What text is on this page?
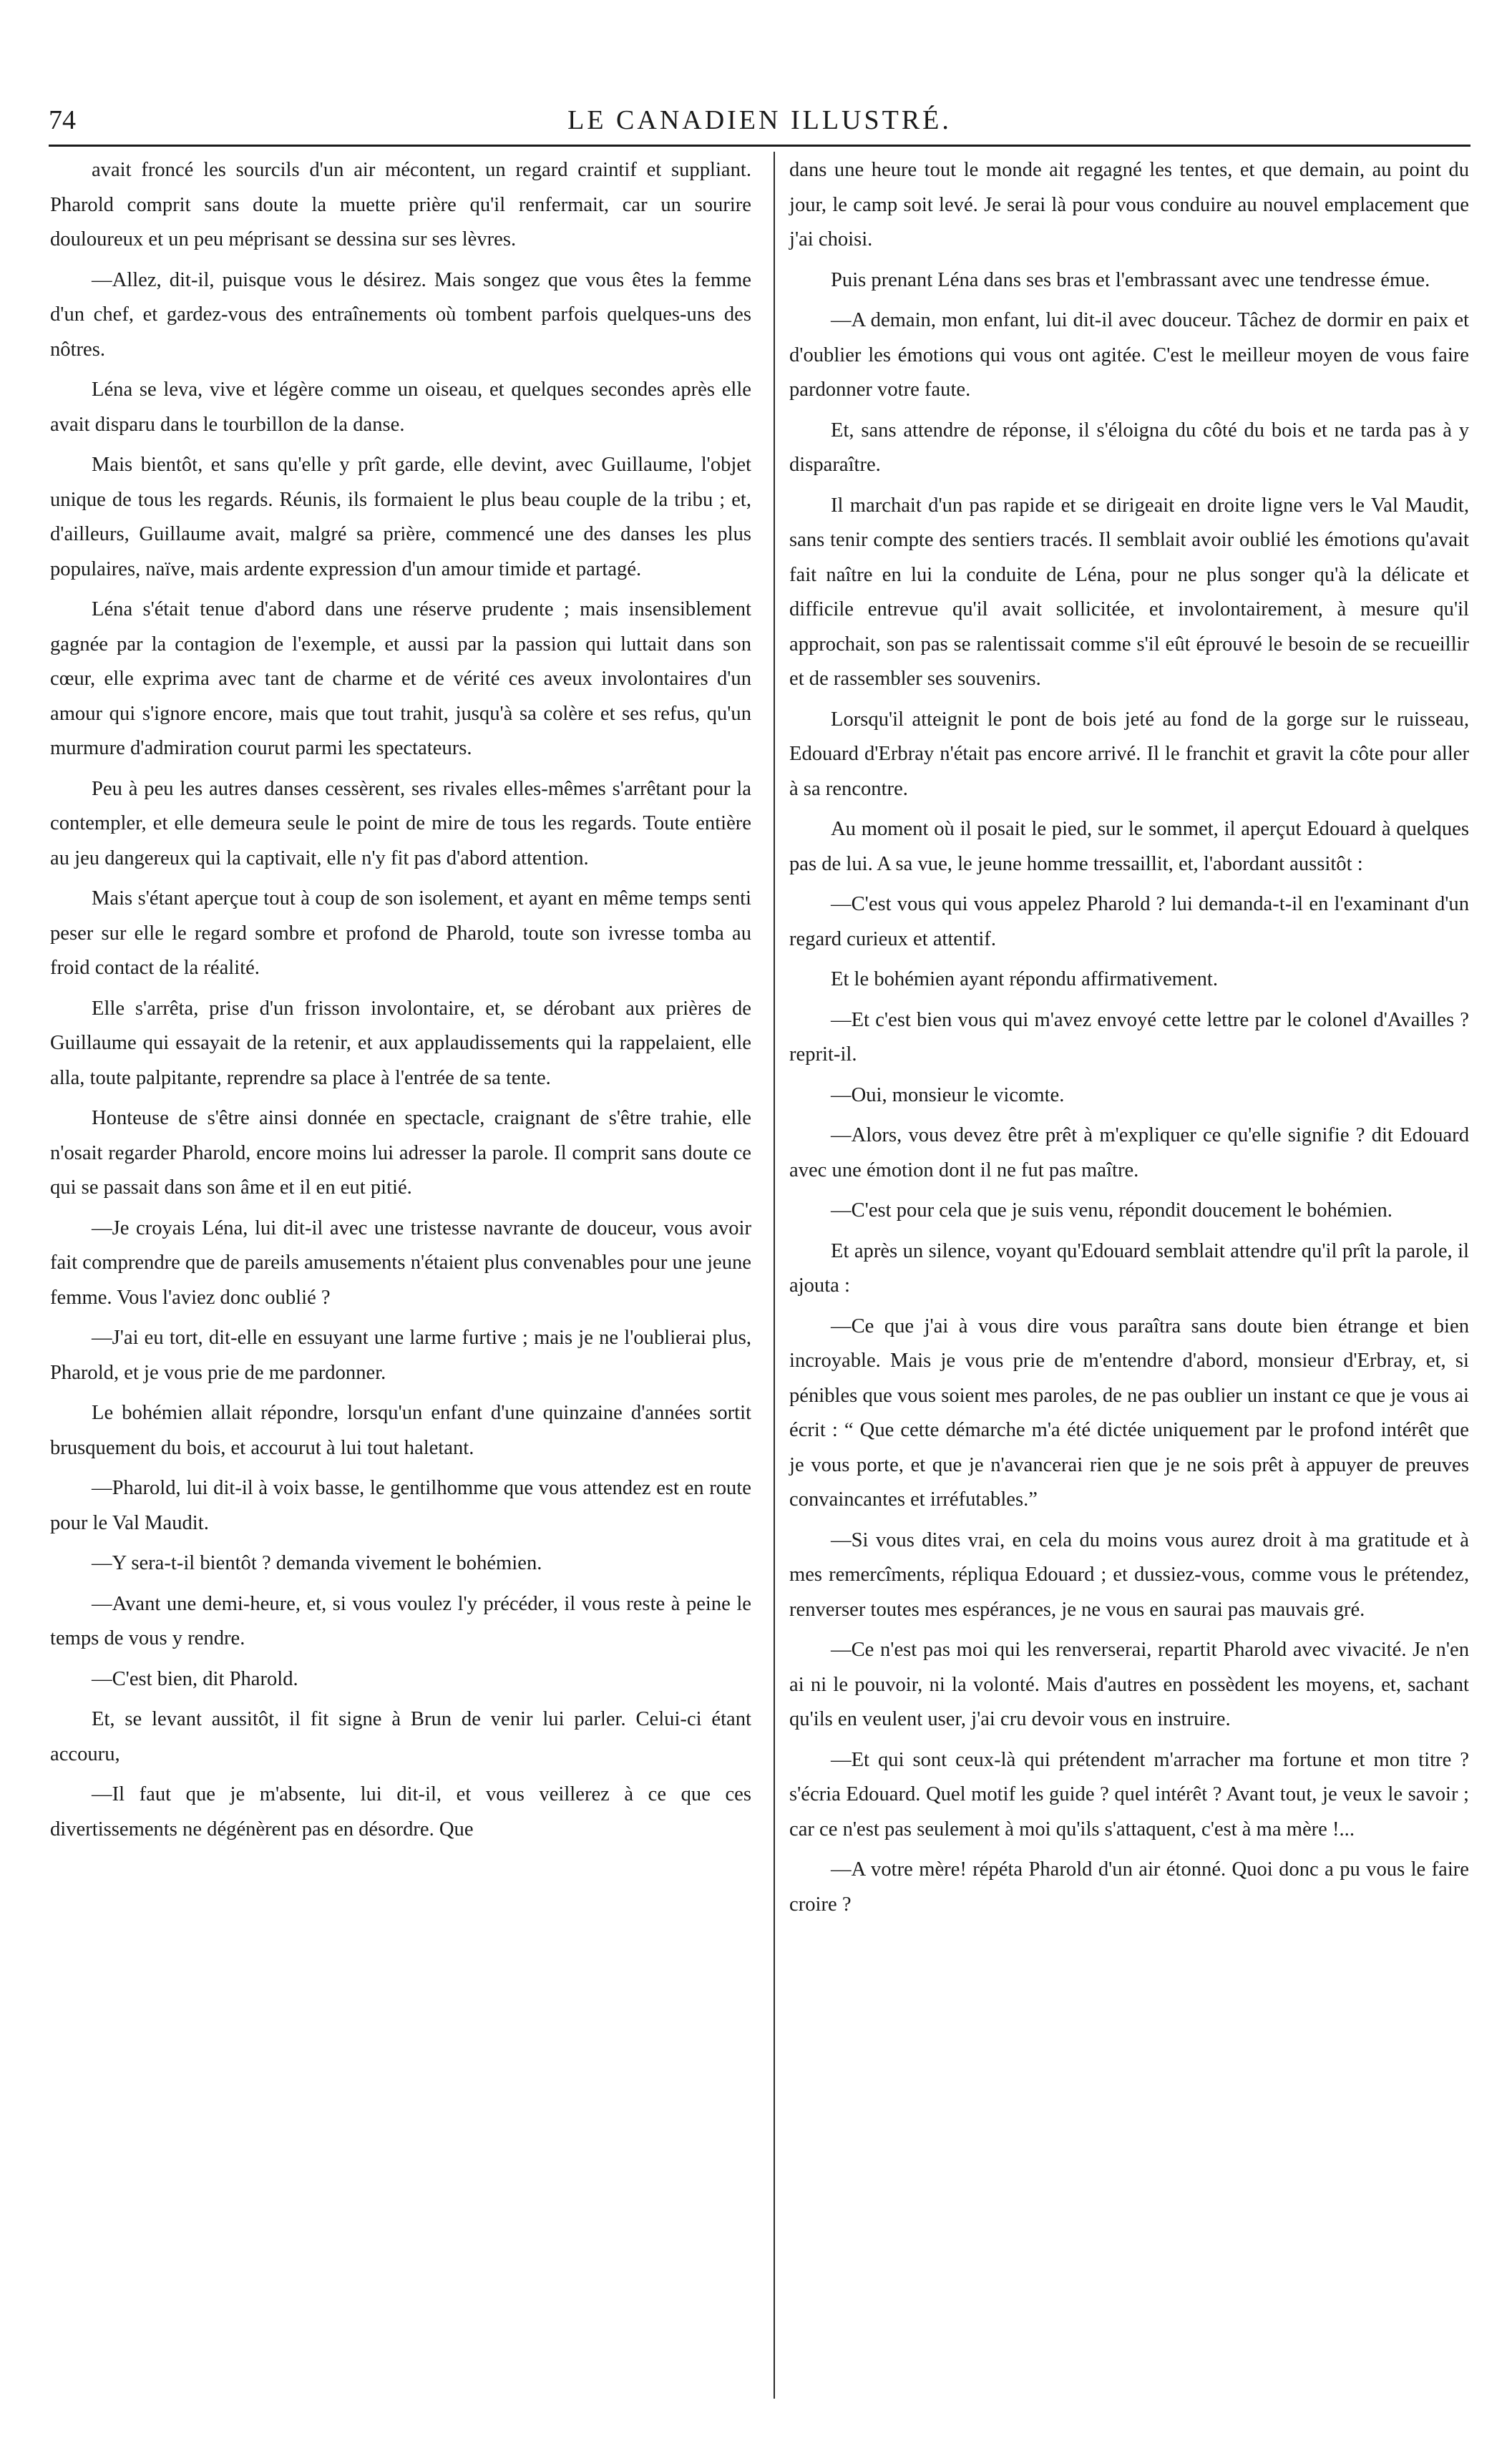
74	LE CANADIEN ILLUSTRÉ.

avait froncé les sourcils d'un air mécontent, un regard craintif et suppliant. Pharold comprit sans doute la muette prière qu'il renfermait, car un sourire douloureux et un peu méprisant se dessina sur ses lèvres.

—Allez, dit-il, puisque vous le désirez. Mais songez que vous êtes la femme d'un chef, et gardez-vous des entraînements où tombent parfois quelques-uns des nôtres.

Léna se leva, vive et légère comme un oiseau, et quelques secondes après elle avait disparu dans le tourbillon de la danse.

Mais bientôt, et sans qu'elle y prît garde, elle devint, avec Guillaume, l'objet unique de tous les regards. Réunis, ils formaient le plus beau couple de la tribu ; et, d'ailleurs, Guillaume avait, malgré sa prière, commencé une des danses les plus populaires, naïve, mais ardente expression d'un amour timide et partagé.

Léna s'était tenue d'abord dans une réserve prudente ; mais insensiblement gagnée par la contagion de l'exemple, et aussi par la passion qui luttait dans son cœur, elle exprima avec tant de charme et de vérité ces aveux involontaires d'un amour qui s'ignore encore, mais que tout trahit, jusqu'à sa colère et ses refus, qu'un murmure d'admiration courut parmi les spectateurs.

Peu à peu les autres danses cessèrent, ses rivales elles-mêmes s'arrêtant pour la contempler, et elle demeura seule le point de mire de tous les regards. Toute entière au jeu dangereux qui la captivait, elle n'y fit pas d'abord attention.

Mais s'étant aperçue tout à coup de son isolement, et ayant en même temps senti peser sur elle le regard sombre et profond de Pharold, toute son ivresse tomba au froid contact de la réalité.

Elle s'arrêta, prise d'un frisson involontaire, et, se dérobant aux prières de Guillaume qui essayait de la retenir, et aux applaudissements qui la rappelaient, elle alla, toute palpitante, reprendre sa place à l'entrée de sa tente.

Honteuse de s'être ainsi donnée en spectacle, craignant de s'être trahie, elle n'osait regarder Pharold, encore moins lui adresser la parole. Il comprit sans doute ce qui se passait dans son âme et il en eut pitié.

—Je croyais Léna, lui dit-il avec une tristesse navrante de douceur, vous avoir fait comprendre que de pareils amusements n'étaient plus convenables pour une jeune femme. Vous l'aviez donc oublié ?

—J'ai eu tort, dit-elle en essuyant une larme furtive ; mais je ne l'oublierai plus, Pharold, et je vous prie de me pardonner.

Le bohémien allait répondre, lorsqu'un enfant d'une quinzaine d'années sortit brusquement du bois, et accourut à lui tout haletant.

—Pharold, lui dit-il à voix basse, le gentilhomme que vous attendez est en route pour le Val Maudit.

—Y sera-t-il bientôt ? demanda vivement le bohémien.

—Avant une demi-heure, et, si vous voulez l'y précéder, il vous reste à peine le temps de vous y rendre.

—C'est bien, dit Pharold.

Et, se levant aussitôt, il fit signe à Brun de venir lui parler. Celui-ci étant accouru,

—Il faut que je m'absente, lui dit-il, et vous veillerez à ce que ces divertissements ne dégénèrent pas en désordre. Que

dans une heure tout le monde ait regagné les tentes, et que demain, au point du jour, le camp soit levé. Je serai là pour vous conduire au nouvel emplacement que j'ai choisi.

Puis prenant Léna dans ses bras et l'embrassant avec une tendresse émue.

—A demain, mon enfant, lui dit-il avec douceur. Tâchez de dormir en paix et d'oublier les émotions qui vous ont agitée. C'est le meilleur moyen de vous faire pardonner votre faute.

Et, sans attendre de réponse, il s'éloigna du côté du bois et ne tarda pas à y disparaître.

Il marchait d'un pas rapide et se dirigeait en droite ligne vers le Val Maudit, sans tenir compte des sentiers tracés. Il semblait avoir oublié les émotions qu'avait fait naître en lui la conduite de Léna, pour ne plus songer qu'à la délicate et difficile entrevue qu'il avait sollicitée, et involontairement, à mesure qu'il approchait, son pas se ralentissait comme s'il eût éprouvé le besoin de se recueillir et de rassembler ses souvenirs.

Lorsqu'il atteignit le pont de bois jeté au fond de la gorge sur le ruisseau, Edouard d'Erbray n'était pas encore arrivé. Il le franchit et gravit la côte pour aller à sa rencontre.

Au moment où il posait le pied, sur le sommet, il aperçut Edouard à quelques pas de lui. A sa vue, le jeune homme tressaillit, et, l'abordant aussitôt :

—C'est vous qui vous appelez Pharold ? lui demanda-t-il en l'examinant d'un regard curieux et attentif.

Et le bohémien ayant répondu affirmativement.

—Et c'est bien vous qui m'avez envoyé cette lettre par le colonel d'Availles ? reprit-il.

—Oui, monsieur le vicomte.

—Alors, vous devez être prêt à m'expliquer ce qu'elle signifie ? dit Edouard avec une émotion dont il ne fut pas maître.

—C'est pour cela que je suis venu, répondit doucement le bohémien.

Et après un silence, voyant qu'Edouard semblait attendre qu'il prît la parole, il ajouta :

—Ce que j'ai à vous dire vous paraîtra sans doute bien étrange et bien incroyable. Mais je vous prie de m'entendre d'abord, monsieur d'Erbray, et, si pénibles que vous soient mes paroles, de ne pas oublier un instant ce que je vous ai écrit : “ Que cette démarche m'a été dictée uniquement par le profond intérêt que je vous porte, et que je n'avancerai rien que je ne sois prêt à appuyer de preuves convaincantes et irréfutables.”

—Si vous dites vrai, en cela du moins vous aurez droit à ma gratitude et à mes remercîments, répliqua Edouard ; et dussiez-vous, comme vous le prétendez, renverser toutes mes espérances, je ne vous en saurai pas mauvais gré.

—Ce n'est pas moi qui les renverserai, repartit Pharold avec vivacité. Je n'en ai ni le pouvoir, ni la volonté. Mais d'autres en possèdent les moyens, et, sachant qu'ils en veulent user, j'ai cru devoir vous en instruire.

—Et qui sont ceux-là qui prétendent m'arracher ma fortune et mon titre ? s'écria Edouard. Quel motif les guide ? quel intérêt ? Avant tout, je veux le savoir ; car ce n'est pas seulement à moi qu'ils s'attaquent, c'est à ma mère !...

—A votre mère! répéta Pharold d'un air étonné. Quoi donc a pu vous le faire croire ?
